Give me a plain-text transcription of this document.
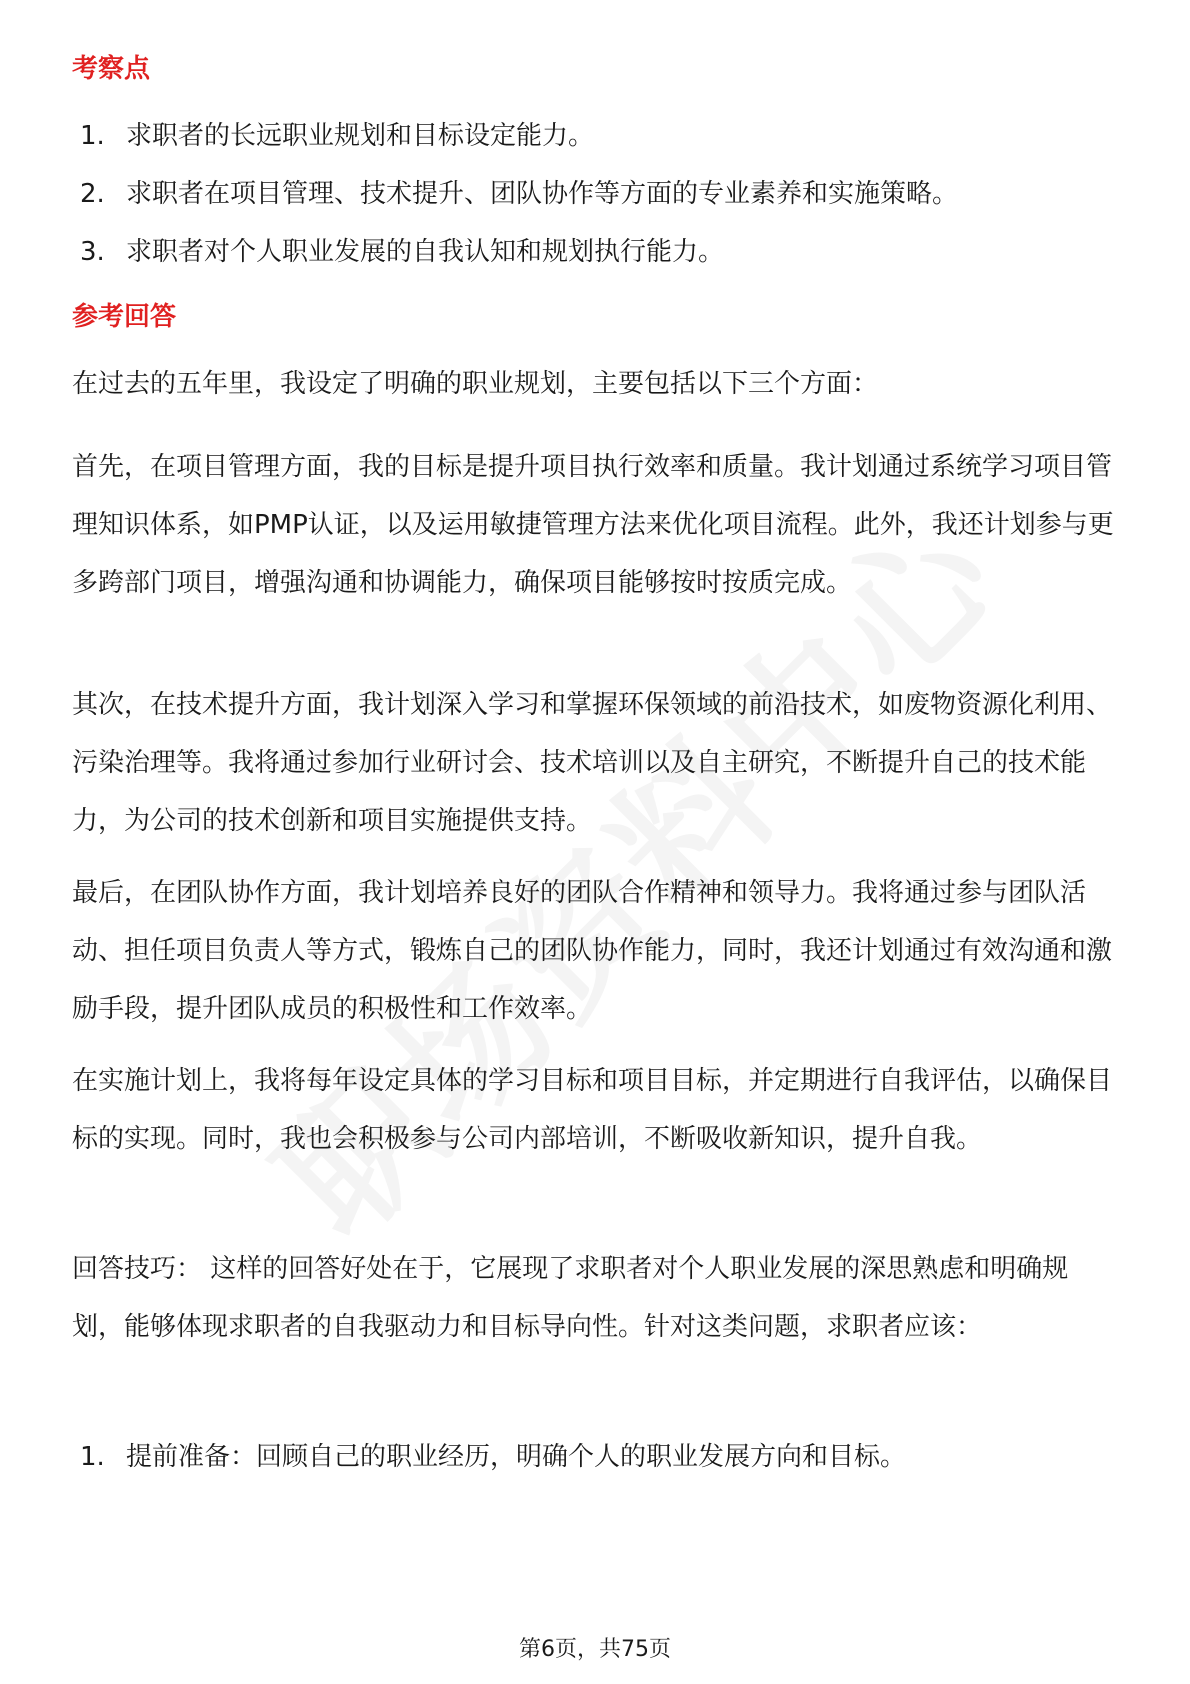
考察点
1. 求职者的长远职业规划和目标设定能力。
2. 求职者在项目管理、技术提升、团队协作等方面的专业素养和实施策略。
3. 求职者对个人职业发展的自我认知和规划执行能力。
参考回答

在过去的五年里，我设定了明确的职业规划，主要包括以下三个方面：

首先，在项目管理方面，我的目标是提升项目执行效率和质量。我计划通过系统学习项目管理知识体系，如PMP认证，以及运用敏捷管理方法来优化项目流程。此外，我还计划参与更多跨部门项目，增强沟通和协调能力，确保项目能够按时按质完成。

其次，在技术提升方面，我计划深入学习和掌握环保领域的前沿技术，如废物资源化利用、污染治理等。我将通过参加行业研讨会、技术培训以及自主研究，不断提升自己的技术能力，为公司的技术创新和项目实施提供支持。

最后，在团队协作方面，我计划培养良好的团队合作精神和领导力。我将通过参与团队活动、担任项目负责人等方式，锻炼自己的团队协作能力，同时，我还计划通过有效沟通和激励手段，提升团队成员的积极性和工作效率。

在实施计划上，我将每年设定具体的学习目标和项目目标，并定期进行自我评估，以确保目标的实现。同时，我也会积极参与公司内部培训，不断吸收新知识，提升自我。

回答技巧： 这样的回答好处在于，它展现了求职者对个人职业发展的深思熟虑和明确规划，能够体现求职者的自我驱动力和目标导向性。针对这类问题，求职者应该：

1. 提前准备：回顾自己的职业经历，明确个人的职业发展方向和目标。
第6页，共75页
